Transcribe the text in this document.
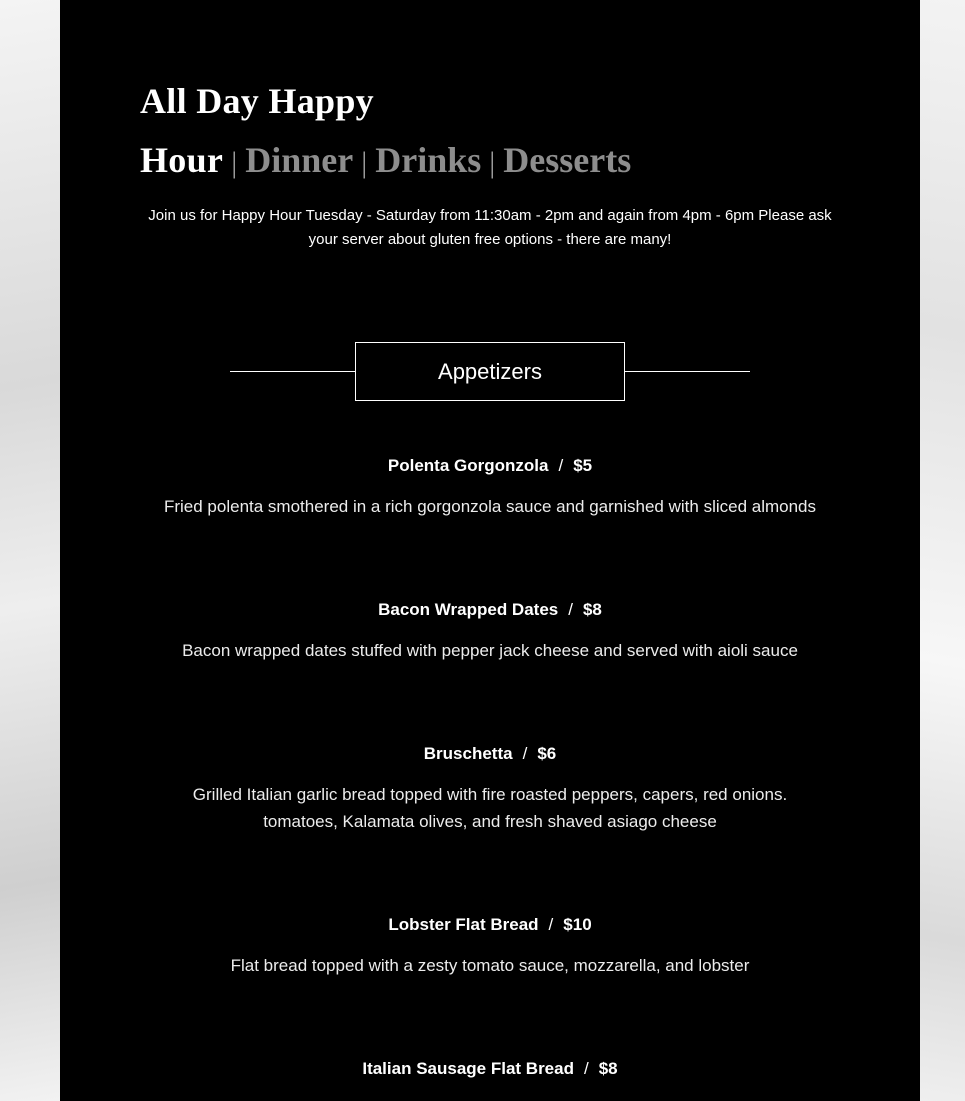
All Day Happy Hour | Dinner | Drinks | Desserts
Join us for Happy Hour Tuesday - Saturday from 11:30am - 2pm and again from 4pm - 6pm Please ask your server about gluten free options - there are many!
Appetizers
Polenta Gorgonzola / $5
Fried polenta smothered in a rich gorgonzola sauce and garnished with sliced almonds
Bacon Wrapped Dates / $8
Bacon wrapped dates stuffed with pepper jack cheese and served with aioli sauce
Bruschetta / $6
Grilled Italian garlic bread topped with fire roasted peppers, capers, red onions. tomatoes, Kalamata olives, and fresh shaved asiago cheese
Lobster Flat Bread / $10
Flat bread topped with a zesty tomato sauce, mozzarella, and lobster
Italian Sausage Flat Bread / $8
